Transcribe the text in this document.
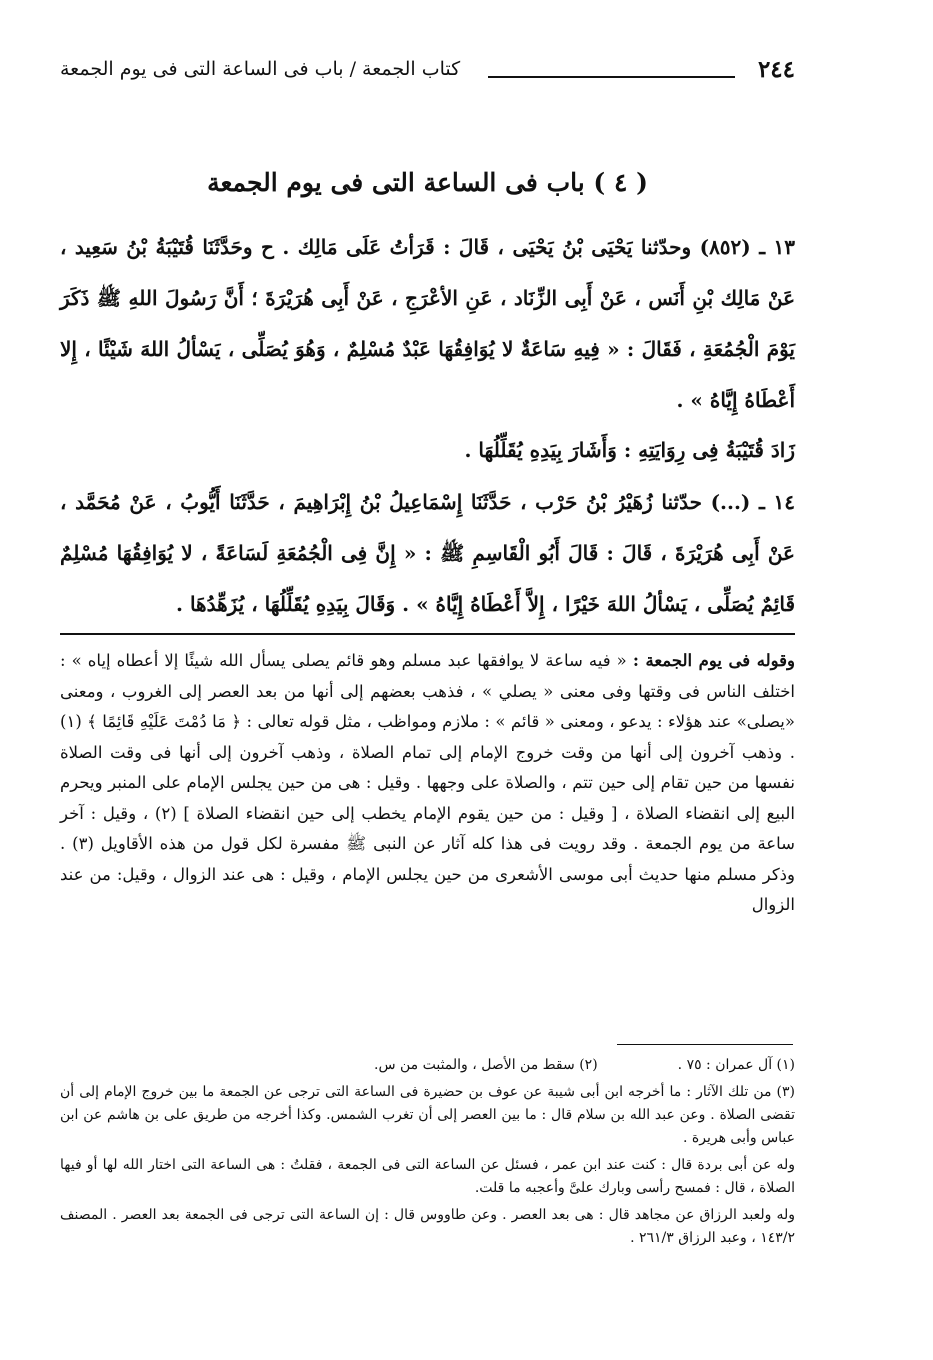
٢٤٤
كتاب الجمعة / باب فى الساعة التى فى يوم الجمعة
( ٤ ) باب فى الساعة التى فى يوم الجمعة
١٣ ـ (٨٥٢) وحدّثنا يَحْيَى بْنُ يَحْيَى ، قَالَ : قَرَأتُ عَلَى مَالِك . ح وحَدَّثَنَا قُتَيْبَةُ بْنُ سَعِيد ، عَنْ مَالِك بْنِ أَنَس ، عَنْ أَبِى الزِّنَاد ، عَنِ الأعْرَجِ ، عَنْ أَبِى هُرَيْرَةَ ؛ أَنَّ رَسُولَ اللهِ ﷺ ذَكَرَ يَوْمَ الْجُمُعَةِ ، فَقَالَ : « فِيهِ سَاعَةٌ لا يُوَافِقُهَا عَبْدٌ مُسْلِمٌ ، وَهُوَ يُصَلِّى ، يَسْألُ اللهَ شَيْئًا ، إِلا أَعْطَاهُ إِيَّاهُ » .
زَادَ قُتَيْبَةُ فِى رِوَايَتِهِ : وَأَشَارَ بِيَدِهِ يُقَلِّلُهَا .
١٤ ـ (...) حدّثنا زُهَيْرُ بْنُ حَرْب ، حَدَّثَنَا إِسْمَاعِيلُ بْنُ إِبْرَاهِيمَ ، حَدَّثَنَا أَيُّوبُ ، عَنْ مُحَمَّد ، عَنْ أَبِى هُرَيْرَةَ ، قَالَ : قَالَ أَبُو الْقَاسِمِ ﷺ : « إِنَّ فِى الْجُمُعَةِ لَسَاعَةً ، لا يُوَافِقُهَا مُسْلِمٌ قَائِمٌ يُصَلِّى ، يَسْألُ اللهَ خَيْرًا ، إِلاَّ أَعْطَاهُ إِيَّاهُ » . وَقَالَ بِيَدِهِ يُقَلِّلُهَا ، يُزَهِّدُهَا .
وقوله فى يوم الجمعة : « فيه ساعة لا يوافقها عبد مسلم وهو قائم يصلى يسأل الله شيئًا إلا أعطاه إياه » : اختلف الناس فى وقتها وفى معنى « يصلي » ، فذهب بعضهم إلى أنها من بعد العصر إلى الغروب ، ومعنى «يصلى» عند هؤلاء : يدعو ، ومعنى « قائم » : ملازم ومواظب ، مثل قوله تعالى : ﴿ مَا دُمْتَ عَلَيْهِ قَائِمًا ﴾ (١) . وذهب آخرون إلى أنها من وقت خروج الإمام إلى تمام الصلاة ، وذهب آخرون إلى أنها فى وقت الصلاة نفسها من حين تقام إلى حين تتم ، والصلاة على وجهها . وقيل : هى من حين يجلس الإمام على المنبر ويحرم البيع إلى انقضاء الصلاة ، [ وقيل : من حين يقوم الإمام يخطب إلى حين انقضاء الصلاة ] (٢) ، وقيل : آخر ساعة من يوم الجمعة . وقد رويت فى هذا كله آثار عن النبى ﷺ مفسرة لكل قول من هذه الأقاويل (٣) . وذكر مسلم منها حديث أبى موسى الأشعرى من حين يجلس الإمام ، وقيل : هى عند الزوال ، وقيل: من عند الزوال
(١) آل عمران : ٧٥ .
(٢) سقط من الأصل ، والمثبت من س.
(٣) من تلك الآثار : ما أخرجه ابن أبى شيبة عن عوف بن حضيرة فى الساعة التى ترجى عن الجمعة ما بين خروج الإمام إلى أن تقضى الصلاة . وعن عبد الله بن سلام قال : ما بين العصر إلى أن تغرب الشمس. وكذا أخرجه من طريق على بن هاشم عن ابن عباس وأبى هريرة .
وله عن أبى بردة قال : كنت عند ابن عمر ، فسئل عن الساعة التى فى الجمعة ، فقلتُ : هى الساعة التى اختار الله لها أو فيها الصلاة ، قال : فمسح رأسى وبارك علىَّ وأعجبه ما قلت.
وله ولعبد الرزاق عن مجاهد قال : هى بعد العصر . وعن طاووس قال : إن الساعة التى ترجى فى الجمعة بعد العصر . المصنف ١٤٣/٢ ، وعبد الرزاق ٢٦١/٣ .
